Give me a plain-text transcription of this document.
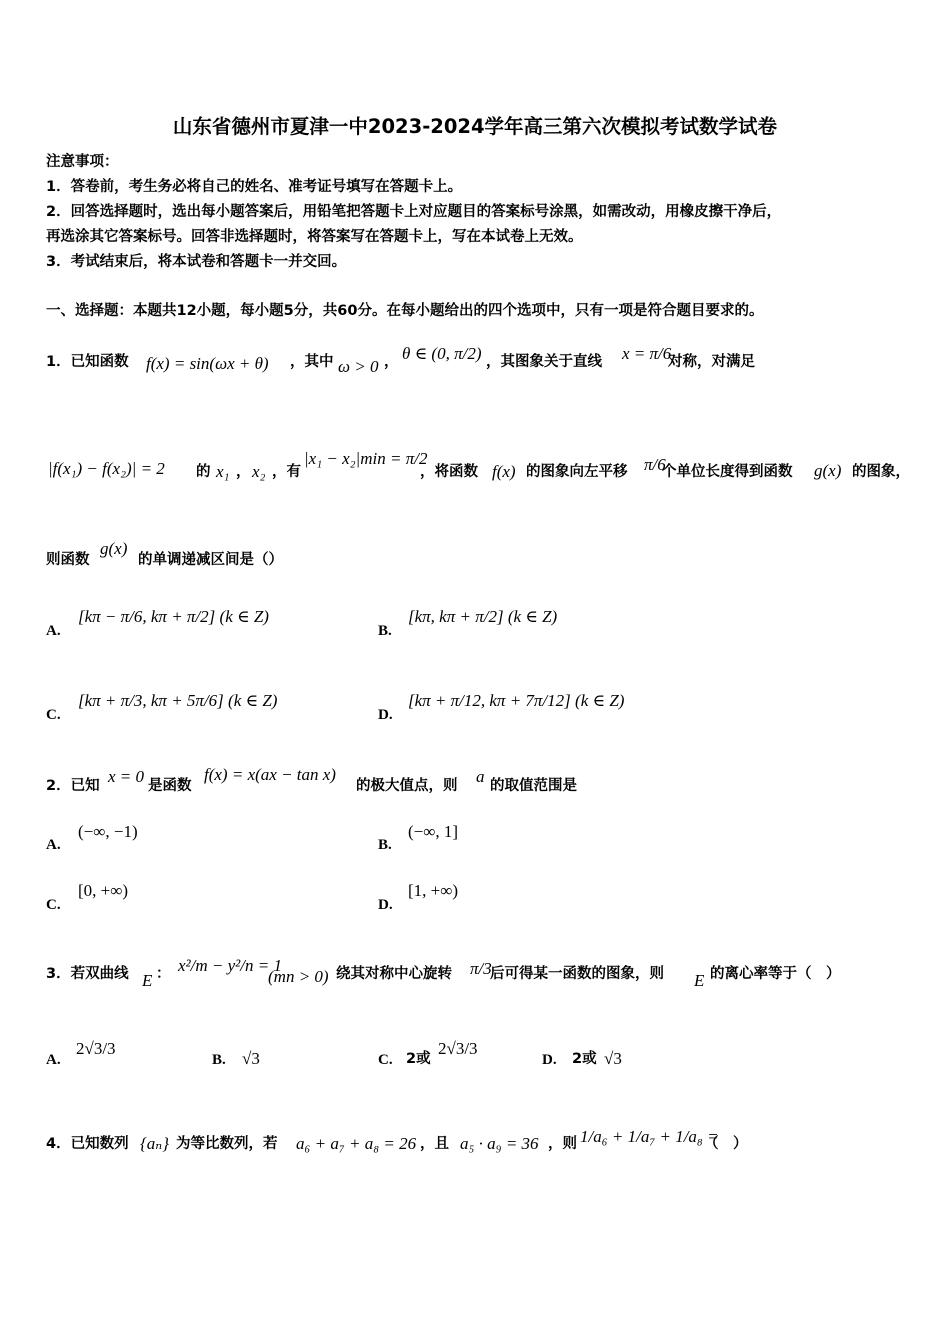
山东省德州市夏津一中2023-2024学年高三第六次模拟考试数学试卷
注意事项：
1．答卷前，考生务必将自己的姓名、准考证号填写在答题卡上。
2．回答选择题时，选出每小题答案后，用铅笔把答题卡上对应题目的答案标号涂黑，如需改动，用橡皮擦干净后，
再选涂其它答案标号。回答非选择题时，将答案写在答题卡上，写在本试卷上无效。
3．考试结束后，将本试卷和答题卡一并交回。
一、选择题：本题共12小题，每小题5分，共60分。在每小题给出的四个选项中，只有一项是符合题目要求的。
1．已知函数 f(x) = sin(ωx + θ) ，其中 ω > 0 ， θ ∈ (0, π/2) ，其图象关于直线 x = π/6
对称，对满足
|f(x₁) − f(x₂)| = 2 的 x₁ ， x₂ ，有
|x₁ − x₂|min = π/2
，将函数 f(x) 的图象向左平移 π/6
个单位长度得到函数 g(x) 的图象，
则函数
g(x)
的单调递减区间是（）
A.
[kπ − π/6, kπ + π/2] (k ∈ Z)
B.
[kπ, kπ + π/2] (k ∈ Z)
C.
[kπ + π/3, kπ + 5π/6] (k ∈ Z)
D.
[kπ + π/12, kπ + 7π/12] (k ∈ Z)
2．已知 x = 0 是函数
f(x) = x(ax − tan x)
的极大值点，则 a 的取值范围是
A.
(−∞, −1)
B.
(−∞, 1]
C.
[0, +∞)
D.
[1, +∞)
3．若双曲线 E ： x²/m − y²/n = 1
(mn > 0) 绕其对称中心旋转 π/3
后可得某一函数的图象，则 E 的离心率等于（　）
A.
2√3/3
B. √3	C. 2或
2√3/3
D. 2或 √3
4．已知数列 {aₙ} 为等比数列，若 a₆ + a₇ + a₈ = 26 ，且 a₅ · a₉ = 36 ，则 1/a₆ + 1/a₇ + 1/a₈ =
（　）
